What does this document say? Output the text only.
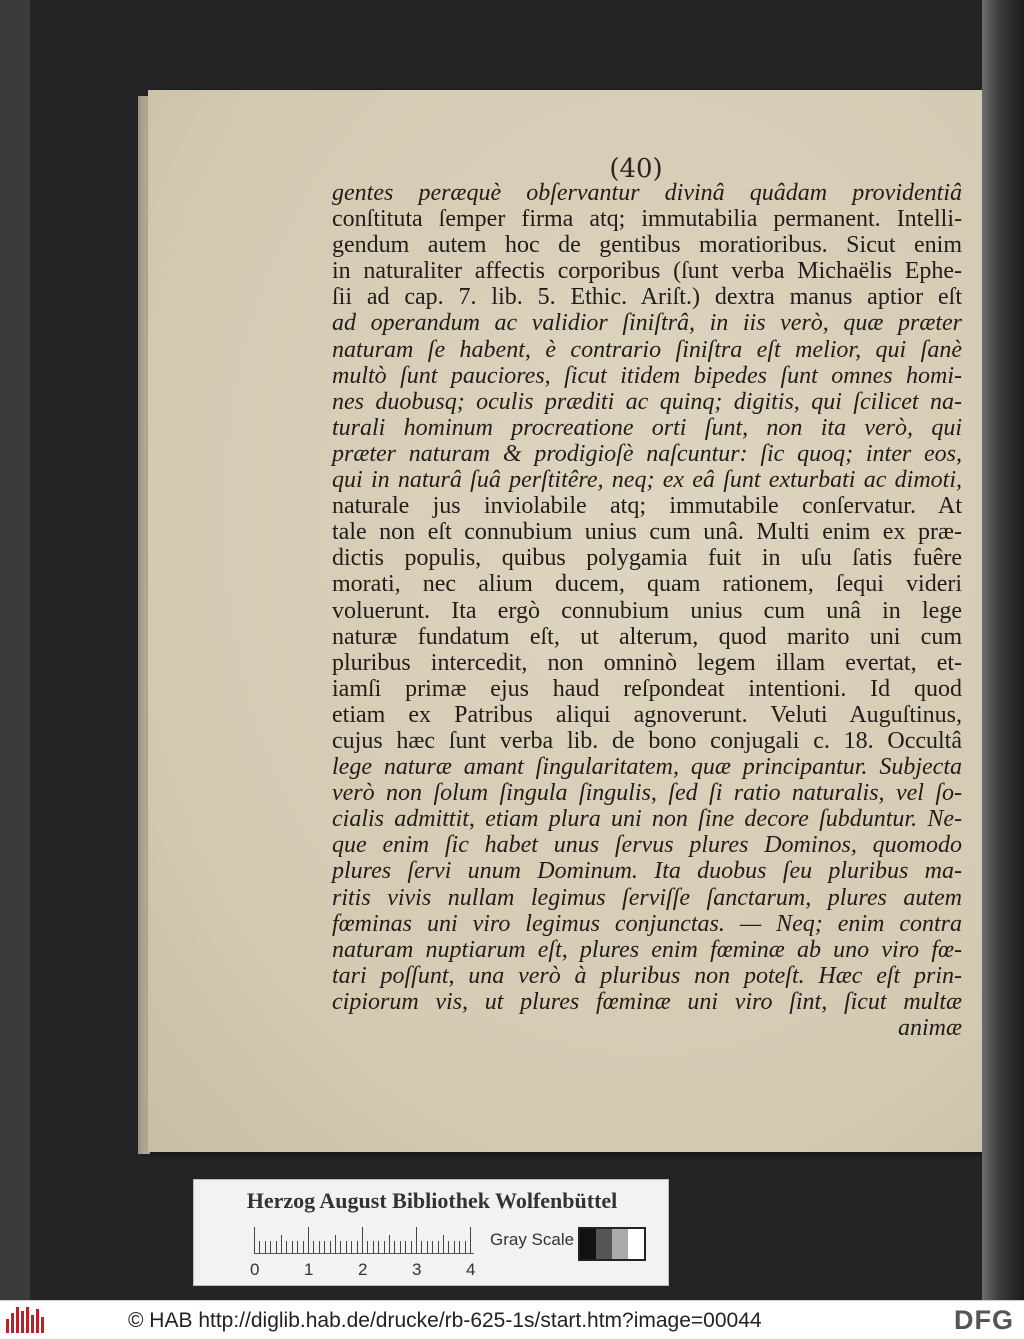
(40)
gentes peræquè obſervantur divinâ quâdam providentiâ
conſtituta ſemper firma atq; immutabilia permanent. Intelli-
gendum autem hoc de gentibus moratioribus. Sicut enim
in naturaliter affectis corporibus (ſunt verba Michaëlis Ephe-
ſii ad cap. 7. lib. 5. Ethic. Ariſt.) dextra manus aptior eſt
ad operandum ac validior ſiniſtrâ, in iis verò, quæ præter
naturam ſe habent, è contrario ſiniſtra eſt melior, qui ſanè
multò ſunt pauciores, ſicut itidem bipedes ſunt omnes homi-
nes duobusq; oculis præditi ac quinq; digitis, qui ſcilicet na-
turali hominum procreatione orti ſunt, non ita verò, qui
præter naturam & prodigioſè naſcuntur: ſic quoq; inter eos,
qui in naturâ ſuâ perſtitêre, neq; ex eâ ſunt exturbati ac dimoti,
naturale jus inviolabile atq; immutabile conſervatur. At
tale non eſt connubium unius cum unâ. Multi enim ex præ-
dictis populis, quibus polygamia fuit in uſu ſatis fuêre
morati, nec alium ducem, quam rationem, ſequi videri
voluerunt. Ita ergò connubium unius cum unâ in lege
naturæ fundatum eſt, ut alterum, quod marito uni cum
pluribus intercedit, non omninò legem illam evertat, et-
iamſi primæ ejus haud reſpondeat intentioni. Id quod
etiam ex Patribus aliqui agnoverunt. Veluti Auguſtinus,
cujus hæc ſunt verba lib. de bono conjugali c. 18. Occultâ
lege naturæ amant ſingularitatem, quæ principantur. Subjecta
verò non ſolum ſingula ſingulis, ſed ſi ratio naturalis, vel ſo-
cialis admittit, etiam plura uni non ſine decore ſubduntur. Ne-
que enim ſic habet unus ſervus plures Dominos, quomodo
plures ſervi unum Dominum. Ita duobus ſeu pluribus ma-
ritis vivis nullam legimus ſerviſſe ſanctarum, plures autem
fœminas uni viro legimus conjunctas. — Neq; enim contra
naturam nuptiarum eſt, plures enim fœminæ ab uno viro fœ-
tari poſſunt, una verò à pluribus non poteſt. Hæc eſt prin-
cipiorum vis, ut plures fœminæ uni viro ſint, ſicut multæ
animæ
Herzog August Bibliothek Wolfenbüttel
0	1	2	3	4
Gray Scale
© HAB http://diglib.hab.de/drucke/rb-625-1s/start.htm?image=00044	DFG
